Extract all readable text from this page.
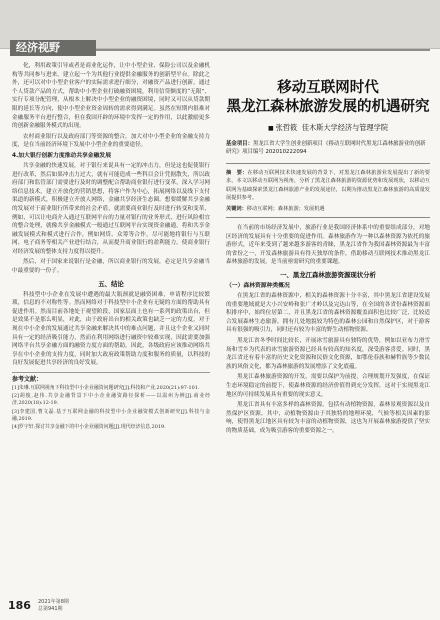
经济视野

化，利用政策引导或者是商业化运作，让中小型企业、保险公司以及金融机构等共同参与进来。建立起一个为其他行业提供金融服务的创新型平台。除此之外，还可以对中小型企业客户的实际需求进行细分，对融资产品进行创新，通过个人贷款产品的方式，帮助中小型企业打破融资困境，利用信贷额度的“无限”，实行专项分配管理，从根本上解决中小型企业的融资困境，同时又可以从贷款期限的延长等方向，使中小型企业资金周转的需求得到满足。虽然在短期内很难对金融服务平台进行整合，但在我国开辟的环境中发挥一定的作用，以此激励更多的创新金融服务模式的出现。

农村商业银行以及政府部门等资源的整合，加大对中小型企业的金融支持力度，是在当前经济环境下发展中小型企业的重要途径。

4.加大银行创新力度推动共享金融发展

共享金融的快速发展，对于银行来说具有一定的冲击力，但是这也促使银行进行改革，然后如果冲击力过大，就有可能造成一些科目会计凭据散失，所以政府部门和监管部门需要进行及时的调整配合帮助商业银行进行变革，深入学习网络信息技术，建立开放化的营销思想，将客户作为中心，拓展网络以及线下支付渠道的新模式，积极建立开放人网络，金融共享经济生态圈。想要缓解共享金融的发展对于商业银行所带来的社会矛盾，就需要商业银行及时进行转变和变革，例如，可以让电商介入通过互联网平台的力量对银行的业务形式、进行风险相宜的整合处理，就像共享金融模式一般通过互联网平台实现资金融通，将和共享金融发展模式和模式进行合作，例如网贷、众筹等合作，尽可能地将银行与互联网、电子商务等相关产业进行结合，从而提升商业银行的盈利能力，使商业银行对经济发展的整体支持力度得以提升。

然后，对于国家来说银行是金融，所以商业银行的发展，必定是共享金融当中最重要的一份子。

五、结论

科技型中小企业在发展中遭遇的最大瓶颈就是融资困难，申请程序比较繁琐，信息的不对称性等。然而网络对于科技型中小企业有无疑的方面的帮助具有促进作用。然而目前各地处于观望阶段，国家层面上也有一系列的政策出台，但是效果不是那么明显，对此，由于政府出台的相关政策也缺乏一定的力度，对于现在中小企业的发展通过共享金融来解决其中的难点问题，并且这个企业又同时具有一定的经济吸引能力，然而在利用网络进行融资中较难实现，因此需要加强网络平台共享金融方面的融资力度方面的帮助。因此，各级政府应该推动网络共享在中小企业的支持力度，同时加大政府政策帮助力度和服务的质量，以科技的良好发展促进共享经济的良好发展。

参考文献：

[1]朱琳.互联网视角下科技型中小企业融资问题研究[J].科技和产业,2020(21):97-101.

[2]胡俊,赵伟.共享金融背景下中小企业融资路径探析——以温州为例[J].商业经济,2020(18):12-19.

[3]李建国,曹文磊.基于互联网金融的科技型中小企业融资模式创新研究[J].科技与金融,2019.

[4]罗宇轩.探讨共享金融下的中小企业融资问题[J].现代经济信息,2019.

移动互联网时代
黑龙江森林旅游发展的机遇研究
■ 张哲筱 佳木斯大学经济与管理学院

基金项目：黑龙江省大学生创业创新项目《移动互联网时代黑龙江森林旅游业的创新研究》项目编号 202010222094

摘　要：在移动互联网技术快速发展的背景下，对黑龙江森林旅游业发展提出了新的要求，本文以移动互联网为视角，分析了黑龙江森林旅游的资源优势和发展现状，以移动互联网为基础探索黑龙江森林旅游产业的发展途径，以期为推动黑龙江森林旅游的高质量发展提供参考。

关键词：移动互联网；森林旅游；发展机遇

在当前的市场经济发展中，旅游行业是我国经济体系中的重要组成部分，对地区经济的发展具有十分重要的促进作用。森林旅游作为一种以森林资源为依托的旅游形式，近年来受到了越来越多游客的青睐，黑龙江省作为我国森林资源最为丰富的省份之一，开发森林旅游具有得天独厚的条件，借助移动互联网技术推动黑龙江森林旅游的发展，是当前亟需研究的重要课题。

一、黑龙江森林旅游资源现状分析

（一）森林资源种类概况

在黑龙江省的森林资源中，相关的森林资源十分丰富，其中黑龙江省建设发展的重要地域就是大小兴安岭和张广才岭以及完达山等，在全国的各省份森林资源面积排序中，始终位居第二，并且黑龙江省的森林资源覆盖面积也比较广泛，比较适合发展森林生态旅游，拥有几处地貌较为特色的森林公园和自然保护区，对于游客具有很强的吸引力，同时还有较为丰富的野生动植物资源。

黑龙江省冬季时间比较长，开展冰雪旅游具有独特的优势，例如以亚布力滑雪场和雪乡为代表的冰雪旅游资源已经具有较高的知名度，深受游客喜爱。同时，黑龙江省还有着丰富的历史文化资源和民俗文化资源，如鄂伦春族和赫哲族等少数民族的风俗文化，都为森林旅游的发展增添了文化底蕴。

黑龙江森林旅游资源的开发，需要以保护为前提，合理规划开发强度，在保证生态环境稳定的前提下，使森林资源的经济价值得到充分发挥，这对于实现黑龙江地区的可持续发展具有重要的现实意义。

黑龙江省具有丰富多样的森林资源，包括有动植物资源，森林景观资源以及自然保护区资源。其中，动植物资源由于其独特的地理环境，气候等相关因素的影响，使得黑龙江地区具有较为丰富的动植物资源，这也为开展森林旅游提供了坚实的物质基础，成为吸引游客的重要资源之一。

186 2021年第8期
总第941期
